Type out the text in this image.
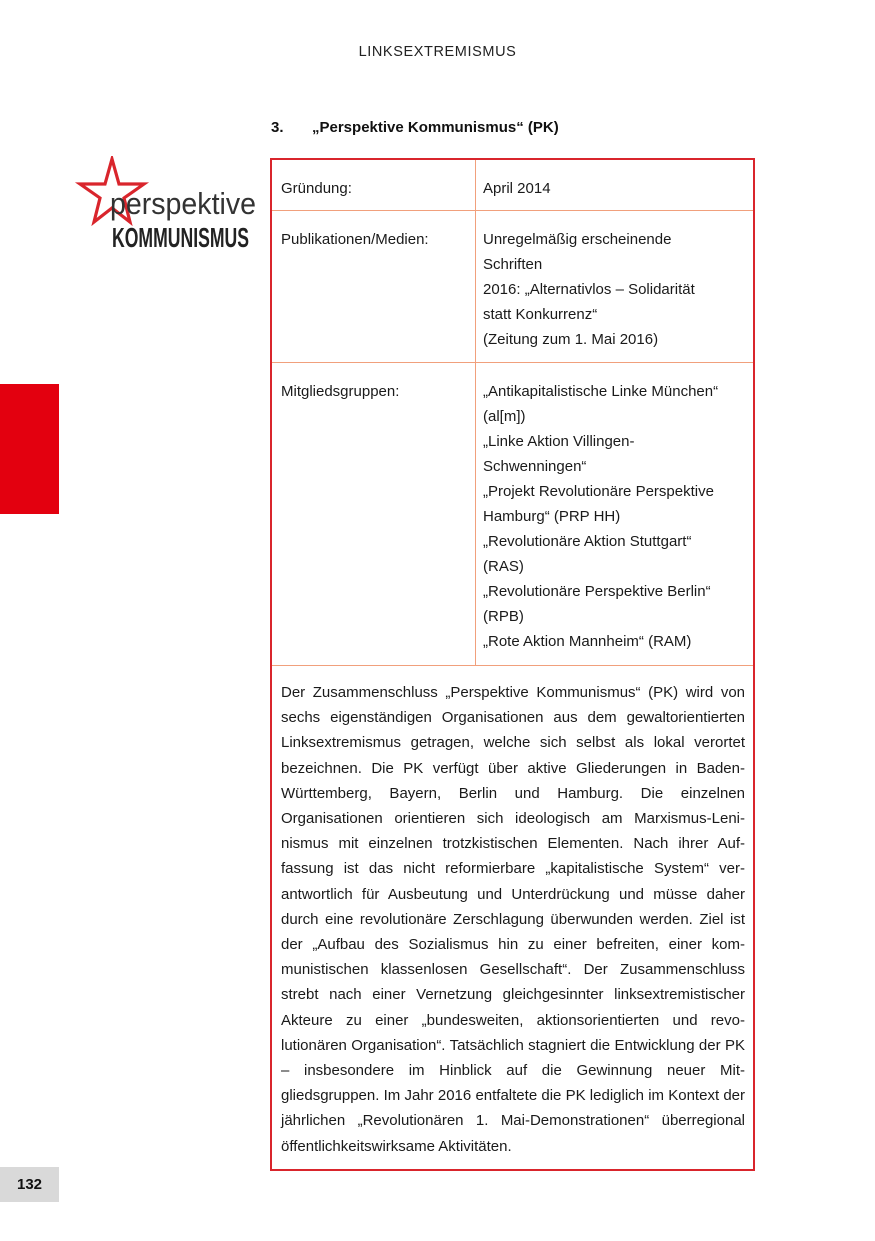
LINKSEXTREMISMUS
3. „Perspektive Kommunismus“ (PK)
perspektive
KOMMUNISMUS
Gründung:	April 2014
Publikationen/Medien:	Unregelmäßig erscheinende
Schriften
2016: „Alternativlos – Solidarität
statt Konkurrenz“
(Zeitung zum 1. Mai 2016)
Mitgliedsgruppen:	„Antikapitalistische Linke München“
(al[m])
„Linke Aktion Villingen-
Schwenningen“
„Projekt Revolutionäre Perspektive
Hamburg“ (PRP HH)
„Revolutionäre Aktion Stuttgart“
(RAS)
„Revolutionäre Perspektive Berlin“
(RPB)
„Rote Aktion Mannheim“ (RAM)
Der Zusammenschluss „Perspektive Kommunismus“ (PK) wird von sechs eigenständigen Organisationen aus dem gewaltorientierten Linksextremismus getragen, welche sich selbst als lokal verortet bezeichnen. Die PK verfügt über aktive Gliederungen in Baden-Württemberg, Bayern, Berlin und Hamburg. Die einzelnen Organisationen orientieren sich ideologisch am Marxismus-Leninismus mit einzelnen trotzkistischen Elementen. Nach ihrer Auffassung ist das nicht reformierbare „kapitalistische System“ verantwortlich für Ausbeutung und Unterdrückung und müsse daher durch eine revolutionäre Zerschlagung überwunden werden. Ziel ist der „Aufbau des Sozialismus hin zu einer befreiten, einer kommunistischen klassenlosen Gesellschaft“. Der Zusammenschluss strebt nach einer Vernetzung gleichgesinnter linksextremistischer Akteure zu einer „bundesweiten, aktionsorientierten und revolutionären Organisation“. Tatsächlich stagniert die Entwicklung der PK – insbesondere im Hinblick auf die Gewinnung neuer Mitgliedsgruppen. Im Jahr 2016 entfaltete die PK lediglich im Kontext der jährlichen „Revolutionären 1. Mai-Demonstrationen“ überregional öffentlichkeitswirksame Aktivitäten.
132
